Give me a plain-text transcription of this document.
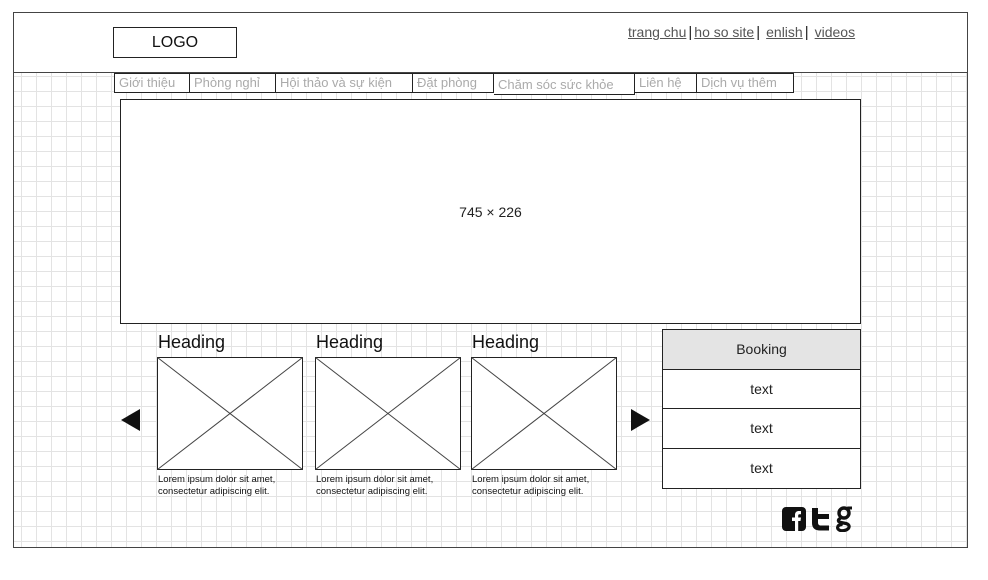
LOGO
trang chu | ho so site | enlish | videos
Giới thiệu	Phòng nghỉ	Hội thảo và sự kiện	Đặt phòng	Chăm sóc sức khỏe	Liên hệ	Dịch vụ thêm
745 × 226
Heading
Lorem ipsum dolor sit amet, consectetur adipiscing elit.
Heading
Lorem ipsum dolor sit amet, consectetur adipiscing elit.
Heading
Lorem ipsum dolor sit amet, consectetur adipiscing elit.
Booking
text
text
text
